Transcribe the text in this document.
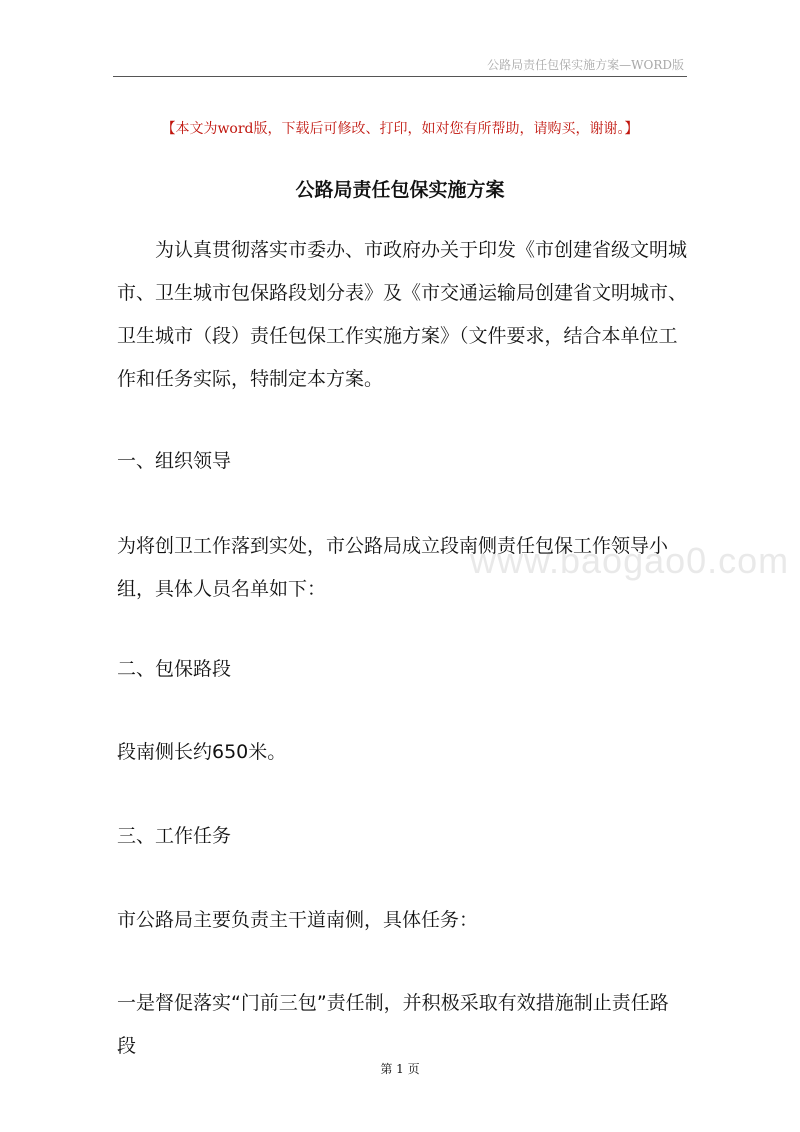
公路局责任包保实施方案—WORD版
www.baogao0.com
【本文为word版，下载后可修改、打印，如对您有所帮助，请购买，谢谢。】
公路局责任包保实施方案

为认真贯彻落实市委办、市政府办关于印发《市创建省级文明城市、卫生城市包保路段划分表》及《市交通运输局创建省文明城市、卫生城市（段）责任包保工作实施方案》（文件要求，结合本单位工作和任务实际，特制定本方案。

一、组织领导

为将创卫工作落到实处，市公路局成立段南侧责任包保工作领导小组，具体人员名单如下：

二、包保路段

段南侧长约650米。

三、工作任务

市公路局主要负责主干道南侧，具体任务：

一是督促落实“门前三包”责任制，并积极采取有效措施制止责任路段

第 1 页
